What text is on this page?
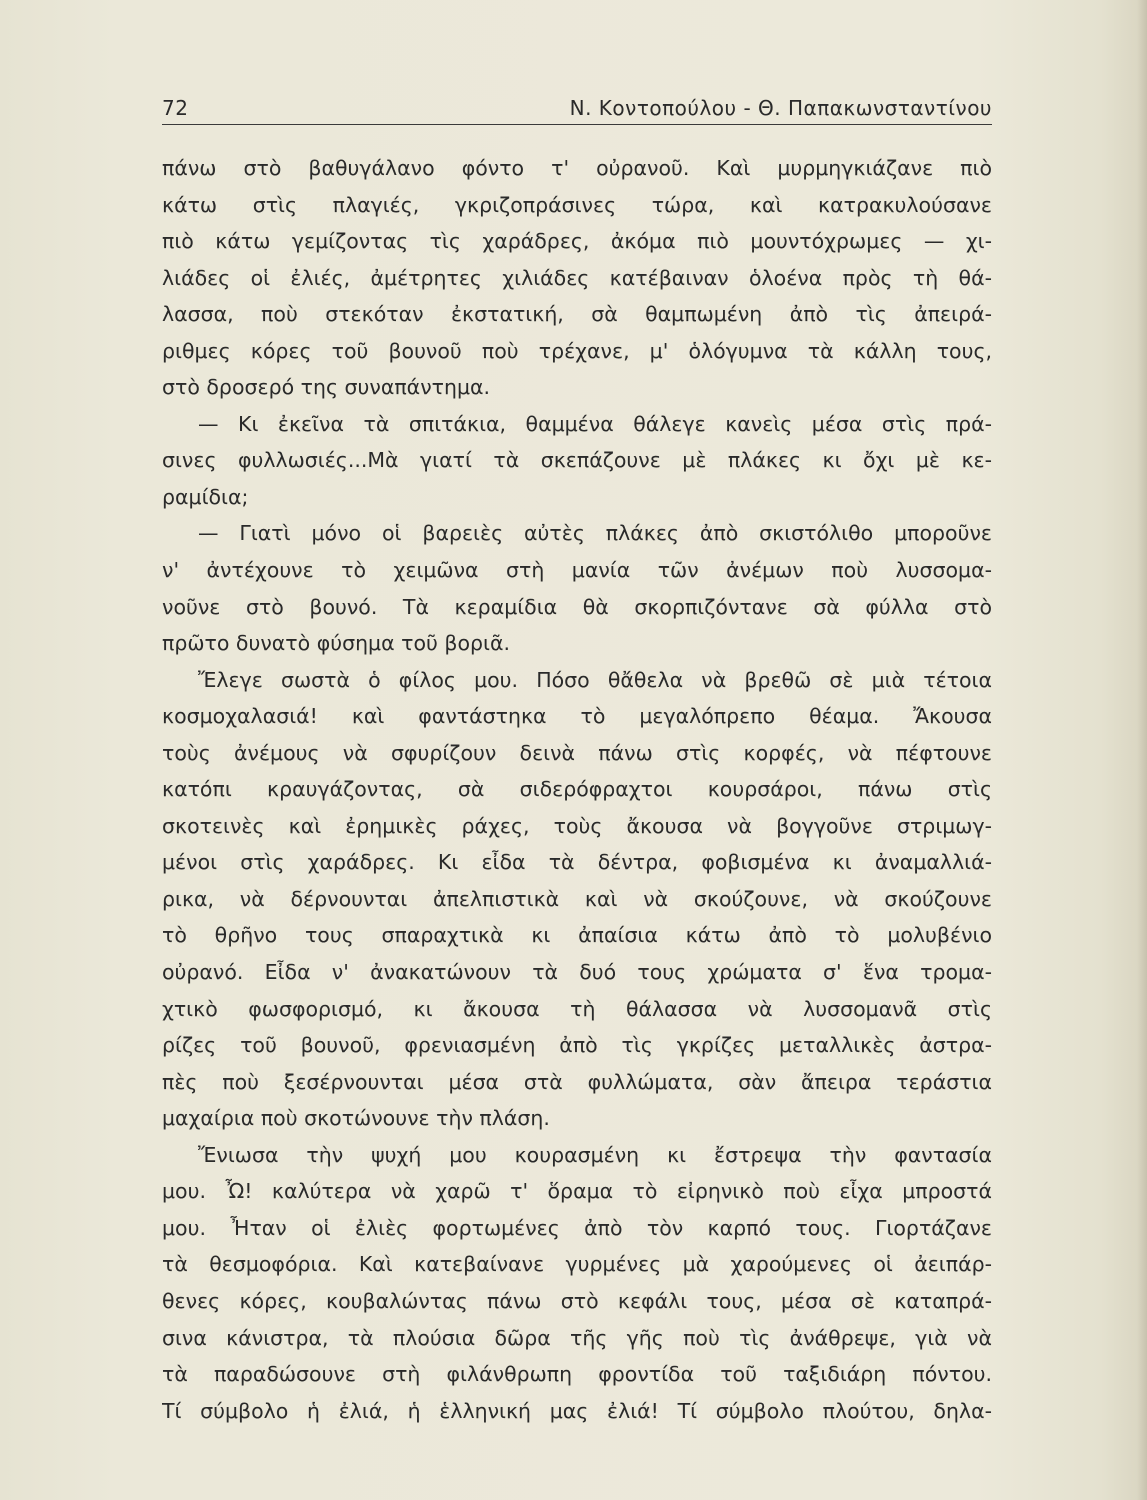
72	Ν. Κοντοπούλου - Θ. Παπακωνσταντίνου
πάνω στὸ βαθυγάλανο φόντο τ' οὐρανοῦ. Καὶ μυρμηγκιάζανε πιὸ
κάτω στὶς πλαγιές, γκριζοπράσινες τώρα, καὶ κατρακυλούσανε
πιὸ κάτω γεμίζοντας τὶς χαράδρες, ἀκόμα πιὸ μουντόχρωμες — χι-
λιάδες οἱ ἐλιές, ἀμέτρητες χιλιάδες κατέβαιναν ὁλοένα πρὸς τὴ θά-
λασσα, ποὺ στεκόταν ἐκστατική, σὰ θαμπωμένη ἀπὸ τὶς ἀπειρά-
ριθμες κόρες τοῦ βουνοῦ ποὺ τρέχανε, μ' ὁλόγυμνα τὰ κάλλη τους,
στὸ δροσερό της συναπάντημα.
— Κι ἐκεῖνα τὰ σπιτάκια, θαμμένα θάλεγε κανεὶς μέσα στὶς πρά-
σινες φυλλωσιές...Μὰ γιατί τὰ σκεπάζουνε μὲ πλάκες κι ὄχι μὲ κε-
ραμίδια;
— Γιατὶ μόνο οἱ βαρειὲς αὐτὲς πλάκες ἀπὸ σκιστόλιθο μποροῦνε
ν' ἀντέχουνε τὸ χειμῶνα στὴ μανία τῶν ἀνέμων ποὺ λυσσομα-
νοῦνε στὸ βουνό. Τὰ κεραμίδια θὰ σκορπιζόντανε σὰ φύλλα στὸ
πρῶτο δυνατὸ φύσημα τοῦ βοριᾶ.
Ἔλεγε σωστὰ ὁ φίλος μου. Πόσο θἄθελα νὰ βρεθῶ σὲ μιὰ τέτοια
κοσμοχαλασιά! καὶ φαντάστηκα τὸ μεγαλόπρεπο θέαμα. Ἄκουσα
τοὺς ἀνέμους νὰ σφυρίζουν δεινὰ πάνω στὶς κορφές, νὰ πέφτουνε
κατόπι κραυγάζοντας, σὰ σιδερόφραχτοι κουρσάροι, πάνω στὶς
σκοτεινὲς καὶ ἐρημικὲς ράχες, τοὺς ἄκουσα νὰ βογγοῦνε στριμωγ-
μένοι στὶς χαράδρες. Κι εἶδα τὰ δέντρα, φοβισμένα κι ἀναμαλλιά-
ρικα, νὰ δέρνουνται ἀπελπιστικὰ καὶ νὰ σκούζουνε, νὰ σκούζουνε
τὸ θρῆνο τους σπαραχτικὰ κι ἀπαίσια κάτω ἀπὸ τὸ μολυβένιο
οὐρανό. Εἶδα ν' ἀνακατώνουν τὰ δυό τους χρώματα σ' ἕνα τρομα-
χτικὸ φωσφορισμό, κι ἄκουσα τὴ θάλασσα νὰ λυσσομανᾶ στὶς
ρίζες τοῦ βουνοῦ, φρενιασμένη ἀπὸ τὶς γκρίζες μεταλλικὲς ἀστρα-
πὲς ποὺ ξεσέρνουνται μέσα στὰ φυλλώματα, σὰν ἄπειρα τεράστια
μαχαίρια ποὺ σκοτώνουνε τὴν πλάση.
Ἔνιωσα τὴν ψυχή μου κουρασμένη κι ἔστρεψα τὴν φαντασία
μου. Ὦ! καλύτερα νὰ χαρῶ τ' ὅραμα τὸ εἰρηνικὸ ποὺ εἶχα μπροστά
μου. Ἦταν οἱ ἐλιὲς φορτωμένες ἀπὸ τὸν καρπό τους. Γιορτάζανε
τὰ θεσμοφόρια. Καὶ κατεβαίνανε γυρμένες μὰ χαρούμενες οἱ ἀειπάρ-
θενες κόρες, κουβαλώντας πάνω στὸ κεφάλι τους, μέσα σὲ καταπρά-
σινα κάνιστρα, τὰ πλούσια δῶρα τῆς γῆς ποὺ τὶς ἀνάθρεψε, γιὰ νὰ
τὰ παραδώσουνε στὴ φιλάνθρωπη φροντίδα τοῦ ταξιδιάρη πόντου.
Τί σύμβολο ἡ ἐλιά, ἡ ἑλληνική μας ἐλιά! Τί σύμβολο πλούτου, δηλα-
